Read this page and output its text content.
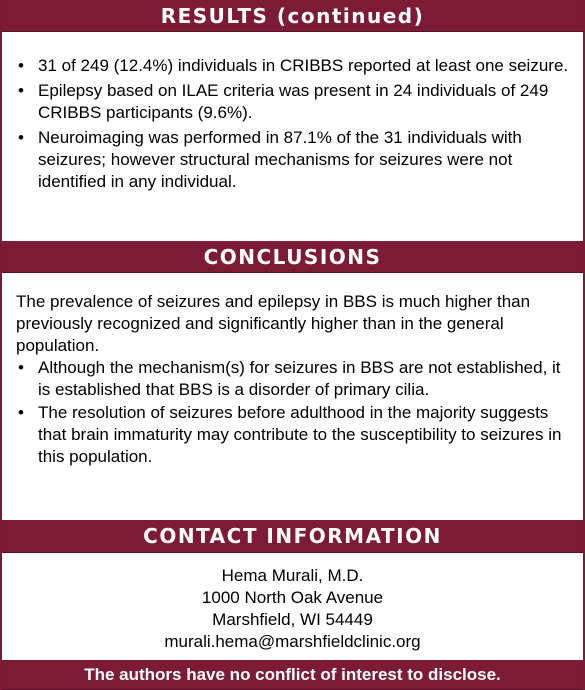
RESULTS (continued)
• 31 of 249 (12.4%) individuals in CRIBBS reported at least one seizure.
• Epilepsy based on ILAE criteria was present in 24 individuals of 249 CRIBBS participants (9.6%).
• Neuroimaging was performed in 87.1% of the 31 individuals with seizures; however structural mechanisms for seizures were not identified in any individual.
CONCLUSIONS

The prevalence of seizures and epilepsy in BBS is much higher than previously recognized and significantly higher than in the general population.

• Although the mechanism(s) for seizures in BBS are not established, it is established that BBS is a disorder of primary cilia.
• The resolution of seizures before adulthood in the majority suggests that brain immaturity may contribute to the susceptibility to seizures in this population.
CONTACT INFORMATION
Hema Murali, M.D.
1000 North Oak Avenue
Marshfield, WI 54449
murali.hema@marshfieldclinic.org
The authors have no conflict of interest to disclose.
